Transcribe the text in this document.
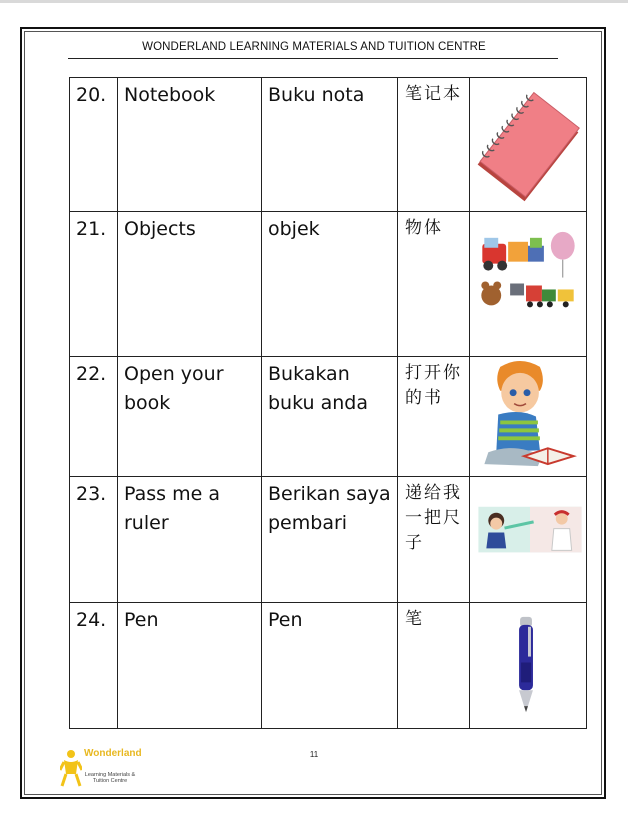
WONDERLAND LEARNING MATERIALS AND TUITION CENTRE
20.	Notebook	Buku nota	笔记本	

21.	Objects	objek	物体	

22.	Open your book	Bukakan buku anda	打开你的书	

23.	Pass me a ruler	Berikan saya pembari	递给我一把尺子	

24.	Pen	Pen	笔	
Wonderland
Learning Materials & Tuition Centre
11
